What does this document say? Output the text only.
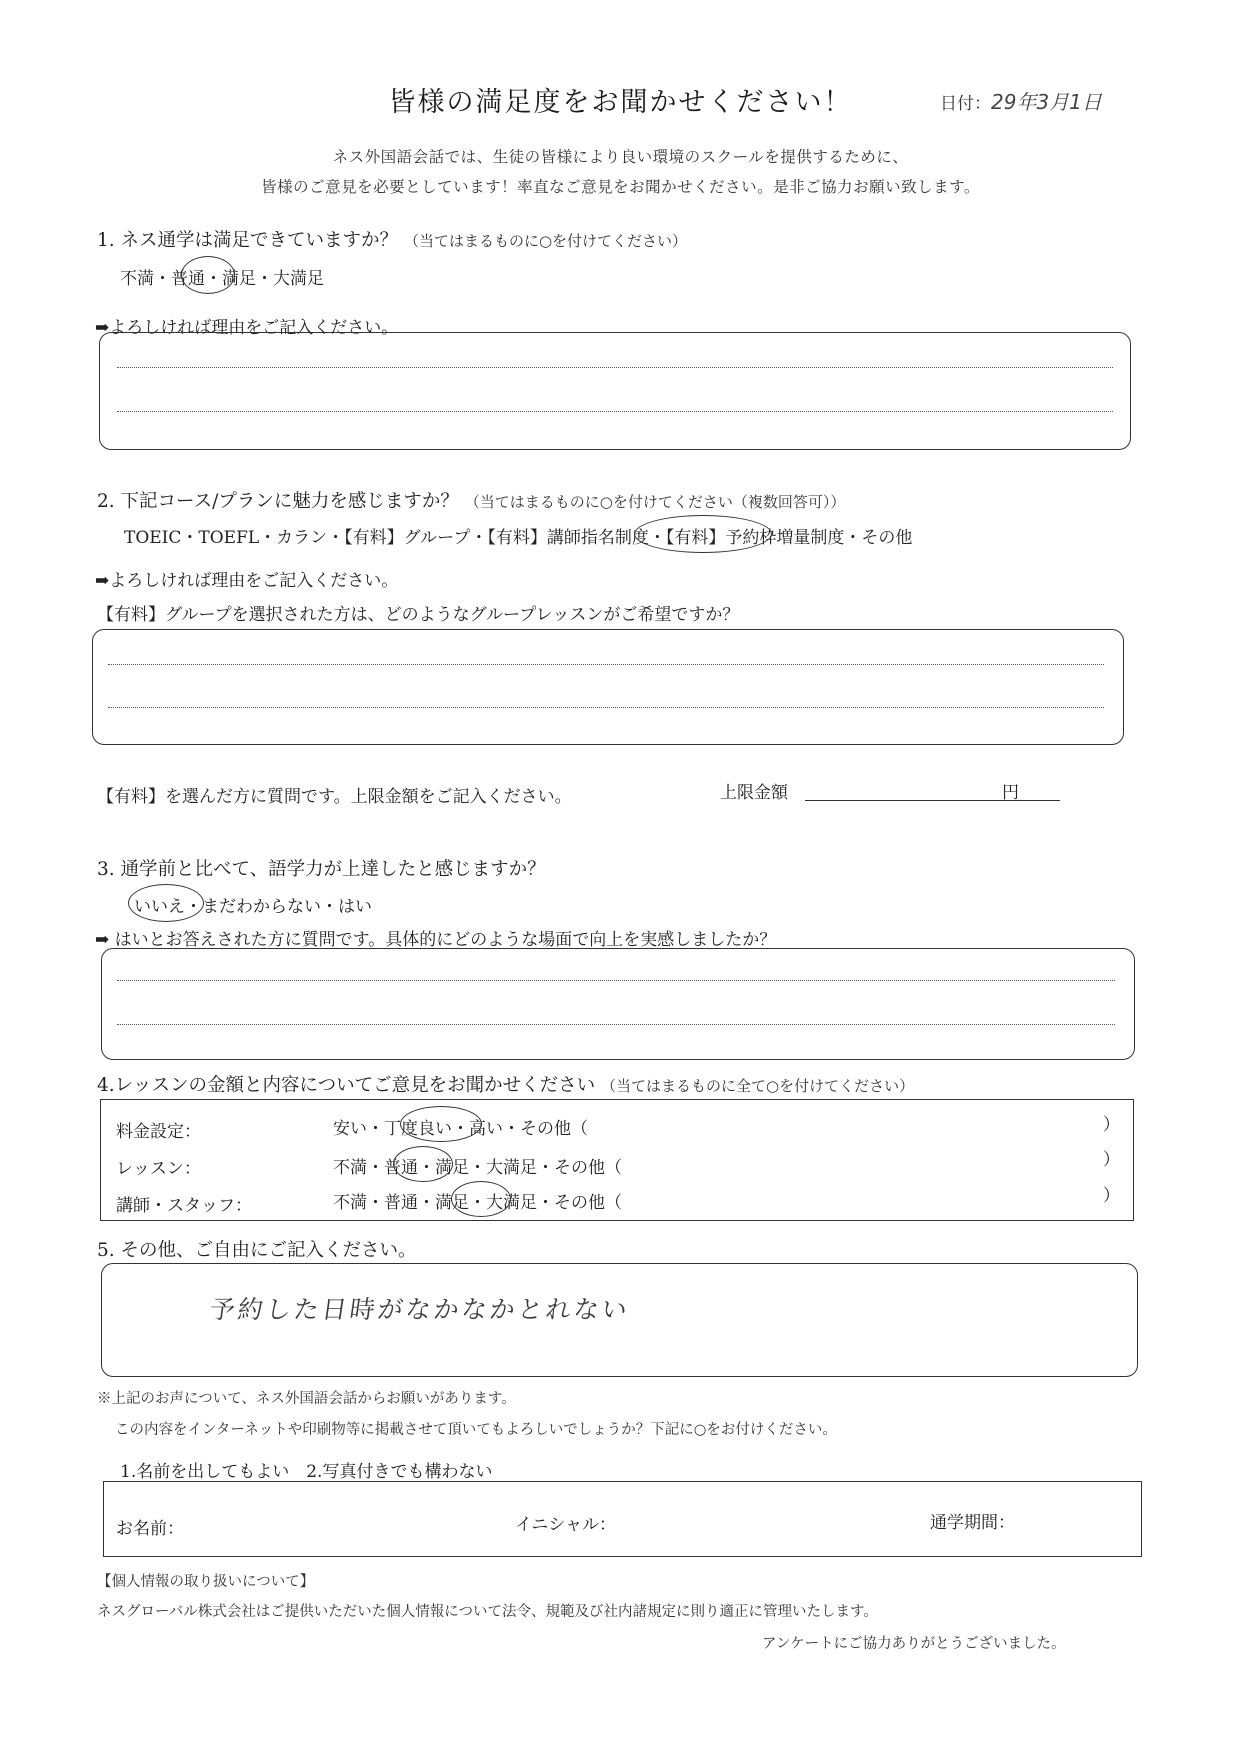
皆様の満足度をお聞かせください！	日付：29年3月1日
ネス外国語会話では、生徒の皆様により良い環境のスクールを提供するために、
皆様のご意見を必要としています！率直なご意見をお聞かせください。是非ご協力お願い致します。
1. ネス通学は満足できていますか？ （当てはまるものに○を付けてください）
不満・普通・満足・大満足
➡よろしければ理由をご記入ください。
2. 下記コース/プランに魅力を感じますか？ （当てはまるものに○を付けてください（複数回答可））
TOEIC・TOEFL・カラン・【有料】グループ・【有料】講師指名制度・【有料】予約枠増量制度・その他
➡よろしければ理由をご記入ください。
【有料】グループを選択された方は、どのようなグループレッスンがご希望ですか？
【有料】を選んだ方に質問です。上限金額をご記入ください。	上限金額	円
3. 通学前と比べて、語学力が上達したと感じますか？
いいえ・まだわからない・はい
➡ はいとお答えされた方に質問です。具体的にどのような場面で向上を実感しましたか？
4.レッスンの金額と内容についてご意見をお聞かせください （当てはまるものに全て○を付けてください）
料金設定：	安い・丁度良い・高い・その他（	）
レッスン：	不満・普通・満足・大満足・その他（	）
講師・スタッフ：	不満・普通・満足・大満足・その他（	）
5. その他、ご自由にご記入ください。
予約した日時がなかなかとれない
※上記のお声について、ネス外国語会話からお願いがあります。
この内容をインターネットや印刷物等に掲載させて頂いてもよろしいでしょうか？下記に○をお付けください。
1.名前を出してもよい　2.写真付きでも構わない
お名前：	イニシャル：	通学期間：
【個人情報の取り扱いについて】
ネスグローバル株式会社はご提供いただいた個人情報について法令、規範及び社内諸規定に則り適正に管理いたします。
アンケートにご協力ありがとうございました。
